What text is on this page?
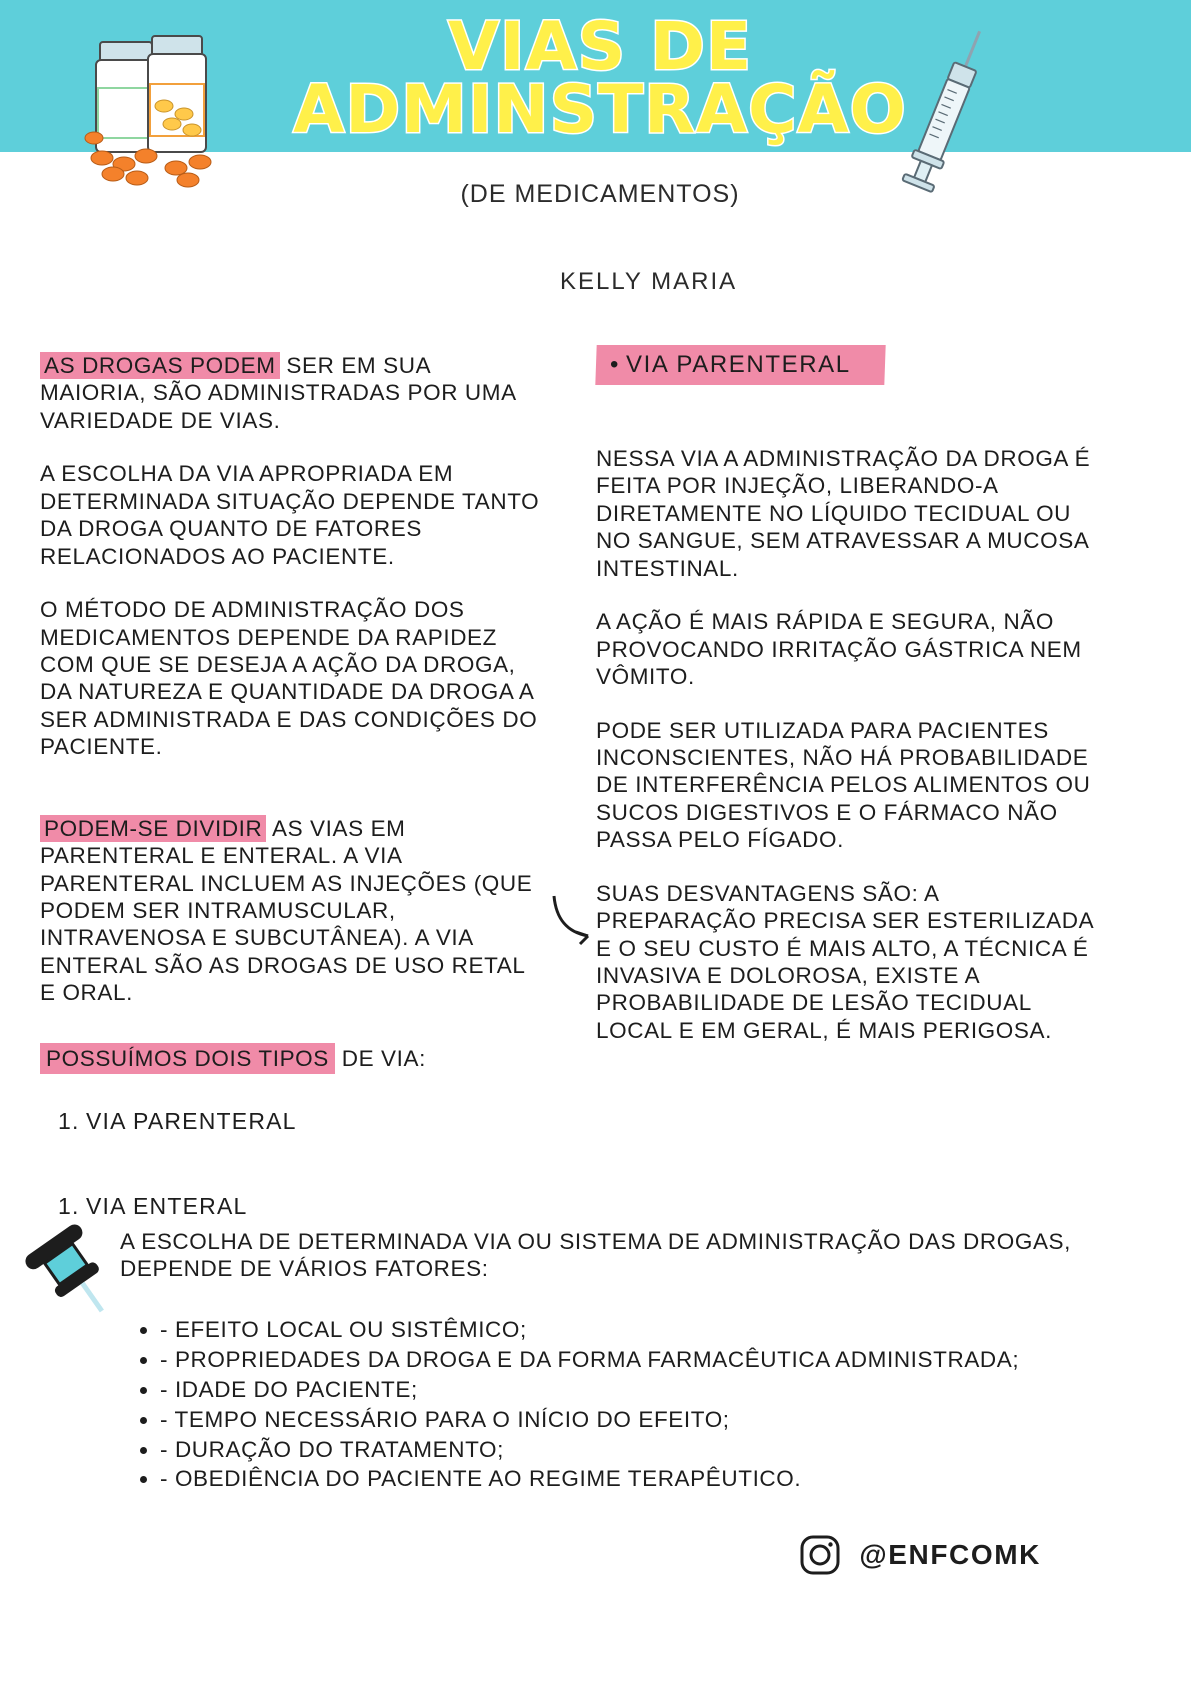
VIAS DE
ADMINSTRAÇÃO
(DE MEDICAMENTOS)
KELLY MARIA

AS DROGAS PODEM SER EM SUA MAIORIA, SÃO ADMINISTRADAS POR UMA VARIEDADE DE VIAS.

A ESCOLHA DA VIA APROPRIADA EM DETERMINADA SITUAÇÃO DEPENDE TANTO DA DROGA QUANTO DE FATORES RELACIONADOS AO PACIENTE.

O MÉTODO DE ADMINISTRAÇÃO DOS MEDICAMENTOS DEPENDE DA RAPIDEZ COM QUE SE DESEJA A AÇÃO DA DROGA, DA NATUREZA E QUANTIDADE DA DROGA A SER ADMINISTRADA E DAS CONDIÇÕES DO PACIENTE.

PODEM-SE DIVIDIR AS VIAS EM PARENTERAL E ENTERAL. A VIA PARENTERAL INCLUEM AS INJEÇÕES (QUE PODEM SER INTRAMUSCULAR, INTRAVENOSA E SUBCUTÂNEA). A VIA ENTERAL SÃO AS DROGAS DE USO RETAL E ORAL.

POSSUÍMOS DOIS TIPOS DE VIA:

1. VIA PARENTERAL
1. VIA ENTERAL
• VIA PARENTERAL

NESSA VIA A ADMINISTRAÇÃO DA DROGA É FEITA POR INJEÇÃO, LIBERANDO-A DIRETAMENTE NO LÍQUIDO TECIDUAL OU NO SANGUE, SEM ATRAVESSAR A MUCOSA INTESTINAL.

A AÇÃO É MAIS RÁPIDA E SEGURA, NÃO PROVOCANDO IRRITAÇÃO GÁSTRICA NEM VÔMITO.

PODE SER UTILIZADA PARA PACIENTES INCONSCIENTES, NÃO HÁ PROBABILIDADE DE INTERFERÊNCIA PELOS ALIMENTOS OU SUCOS DIGESTIVOS E O FÁRMACO NÃO PASSA PELO FÍGADO.

SUAS DESVANTAGENS SÃO: A PREPARAÇÃO PRECISA SER ESTERILIZADA E O SEU CUSTO É MAIS ALTO, A TÉCNICA É INVASIVA E DOLOROSA, EXISTE A PROBABILIDADE DE LESÃO TECIDUAL LOCAL E EM GERAL, É MAIS PERIGOSA.

A ESCOLHA DE DETERMINADA VIA OU SISTEMA DE ADMINISTRAÇÃO DAS DROGAS, DEPENDE DE VÁRIOS FATORES:
• - EFEITO LOCAL OU SISTÊMICO;
• - PROPRIEDADES DA DROGA E DA FORMA FARMACÊUTICA ADMINISTRADA;
• - IDADE DO PACIENTE;
• - TEMPO NECESSÁRIO PARA O INÍCIO DO EFEITO;
• - DURAÇÃO DO TRATAMENTO;
• - OBEDIÊNCIA DO PACIENTE AO REGIME TERAPÊUTICO.
@ENFCOMK
